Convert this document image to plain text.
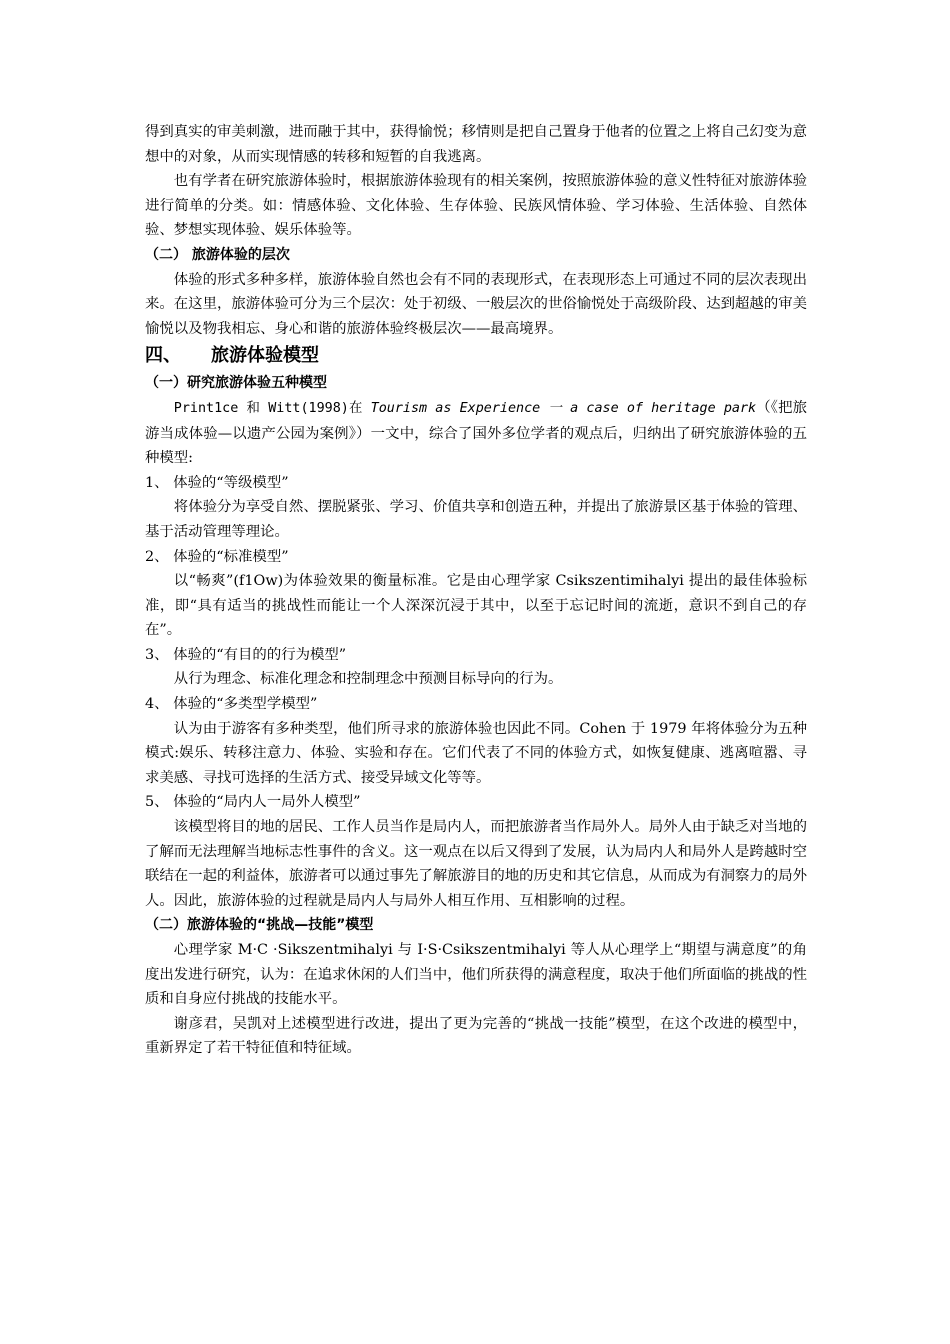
得到真实的审美刺激，进而融于其中，获得愉悦；移情则是把自己置身于他者的位置之上将自己幻变为意想中的对象，从而实现情感的转移和短暂的自我逃离。

也有学者在研究旅游体验时，根据旅游体验现有的相关案例，按照旅游体验的意义性特征对旅游体验进行简单的分类。如：情感体验、文化体验、生存体验、民族风情体验、学习体验、生活体验、自然体验、梦想实现体验、娱乐体验等。

（二） 旅游体验的层次

体验的形式多种多样，旅游体验自然也会有不同的表现形式，在表现形态上可通过不同的层次表现出来。在这里，旅游体验可分为三个层次：处于初级、一般层次的世俗愉悦处于高级阶段、达到超越的审美愉悦以及物我相忘、身心和谐的旅游体验终极层次——最高境界。

四、 旅游体验模型

（一）研究旅游体验五种模型

Print1ce 和 Witt(1998)在 Tourism as Experience 一 a case of heritage park（《把旅游当成体验—以遗产公园为案例》）一文中，综合了国外多位学者的观点后，归纳出了研究旅游体验的五种模型:

1、 体验的“等级模型”

将体验分为享受自然、摆脱紧张、学习、价值共享和创造五种，并提出了旅游景区基于体验的管理、基于活动管理等理论。

2、 体验的“标准模型”

以“畅爽”(f1Ow)为体验效果的衡量标准。它是由心理学家 Csikszentimihalyi 提出的最佳体验标准，即“具有适当的挑战性而能让一个人深深沉浸于其中，以至于忘记时间的流逝，意识不到自己的存在”。

3、 体验的“有目的的行为模型”

从行为理念、标准化理念和控制理念中预测目标导向的行为。

4、 体验的“多类型学模型”

认为由于游客有多种类型，他们所寻求的旅游体验也因此不同。Cohen 于 1979 年将体验分为五种模式:娱乐、转移注意力、体验、实验和存在。它们代表了不同的体验方式，如恢复健康、逃离喧嚣、寻求美感、寻找可选择的生活方式、接受异域文化等等。

5、 体验的“局内人一局外人模型”

该模型将目的地的居民、工作人员当作是局内人，而把旅游者当作局外人。局外人由于缺乏对当地的了解而无法理解当地标志性事件的含义。这一观点在以后又得到了发展，认为局内人和局外人是跨越时空联结在一起的利益体，旅游者可以通过事先了解旅游目的地的历史和其它信息，从而成为有洞察力的局外人。因此，旅游体验的过程就是局内人与局外人相互作用、互相影响的过程。

（二）旅游体验的“挑战—技能”模型

心理学家 M·C ·Sikszentmihalyi 与 I·S·Csikszentmihalyi 等人从心理学上“期望与满意度”的角度出发进行研究，认为：在追求休闲的人们当中，他们所获得的满意程度，取决于他们所面临的挑战的性质和自身应付挑战的技能水平。

谢彦君，吴凯对上述模型进行改进，提出了更为完善的“挑战一技能”模型，在这个改进的模型中，重新界定了若干特征值和特征域。
